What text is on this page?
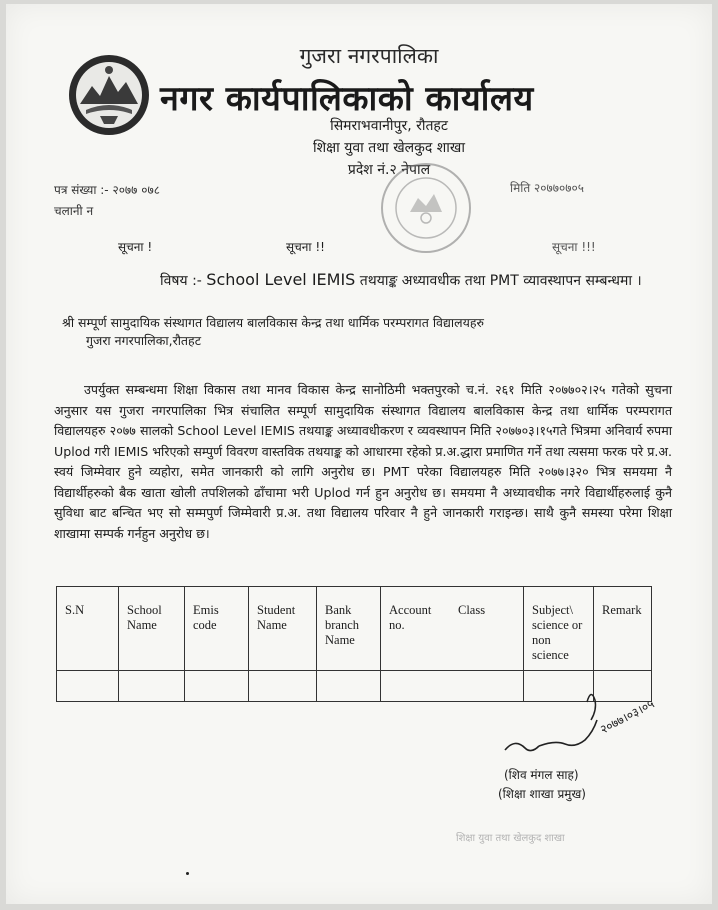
गुजरा नगरपालिका
नगर कार्यपालिकाको कार्यालय
सिमराभवानीपुर, रौतहट
शिक्षा युवा तथा खेलकुद शाखा
प्रदेश नं.२ नेपाल
पत्र संख्या :- २०७७ ०७८
चलानी न
मिति २०७७०७०५
सूचना !	सूचना !!	सूचना !!!
विषय :- School Level IEMIS तथयाङ्क अध्यावधीक तथा PMT व्यावस्थापन सम्बन्धमा ।
श्री सम्पूर्ण सामुदायिक संस्थागत विद्यालय बालविकास केन्द्र तथा धार्मिक परम्परागत विद्यालयहरु
गुजरा नगरपालिका,रौतहट
उपर्युक्त सम्बन्धमा शिक्षा विकास तथा मानव विकास केन्द्र सानोठिमी भक्तपुरको च.नं. २६१ मिति २०७७०२।२५ गतेको सुचना अनुसार यस गुजरा नगरपालिका भित्र संचालित सम्पूर्ण सामुदायिक संस्थागत विद्यालय बालविकास केन्द्र तथा धार्मिक परम्परागत विद्यालयहरु २०७७ सालको School Level IEMIS तथयाङ्क अध्यावधीकरण र व्यवस्थापन मिति २०७७०३।१५गते भित्रमा अनिवार्य रुपमा Uplod गरी IEMIS भरिएको सम्पुर्ण विवरण वास्तविक तथयाङ्क को आधारमा रहेको प्र.अ.द्धारा प्रमाणित गर्ने तथा त्यसमा फरक परे प्र.अ. स्वयं जिम्मेवार हुने व्यहोरा, समेत जानकारी को लागि अनुरोध छ। PMT परेका विद्यालयहरु मिति २०७७।३२० भित्र समयमा नै विद्यार्थीहरुको बैक खाता खोली तपशिलको ढाँचामा भरी Uplod गर्न हुन अनुरोध छ। समयमा नै अध्यावधीक नगरे विद्यार्थीहरुलाई कुनै सुविधा बाट बन्चित भए सो सम्मपुर्ण जिम्मेवारी प्र.अ. तथा विद्यालय परिवार नै हुने जानकारी गराइन्छ। साथै कुनै समस्या परेमा शिक्षा शाखामा सम्पर्क गर्नहुन अनुरोध छ।
S.N	School Name	Emis code	Student Name	Bank branch Name	Account no.	Class	Subject\ science or non science	Remark

२०७७।०३।०५
(शिव मंगल साह)
(शिक्षा शाखा प्रमुख)
शिक्षा युवा तथा खेलकुद शाखा
